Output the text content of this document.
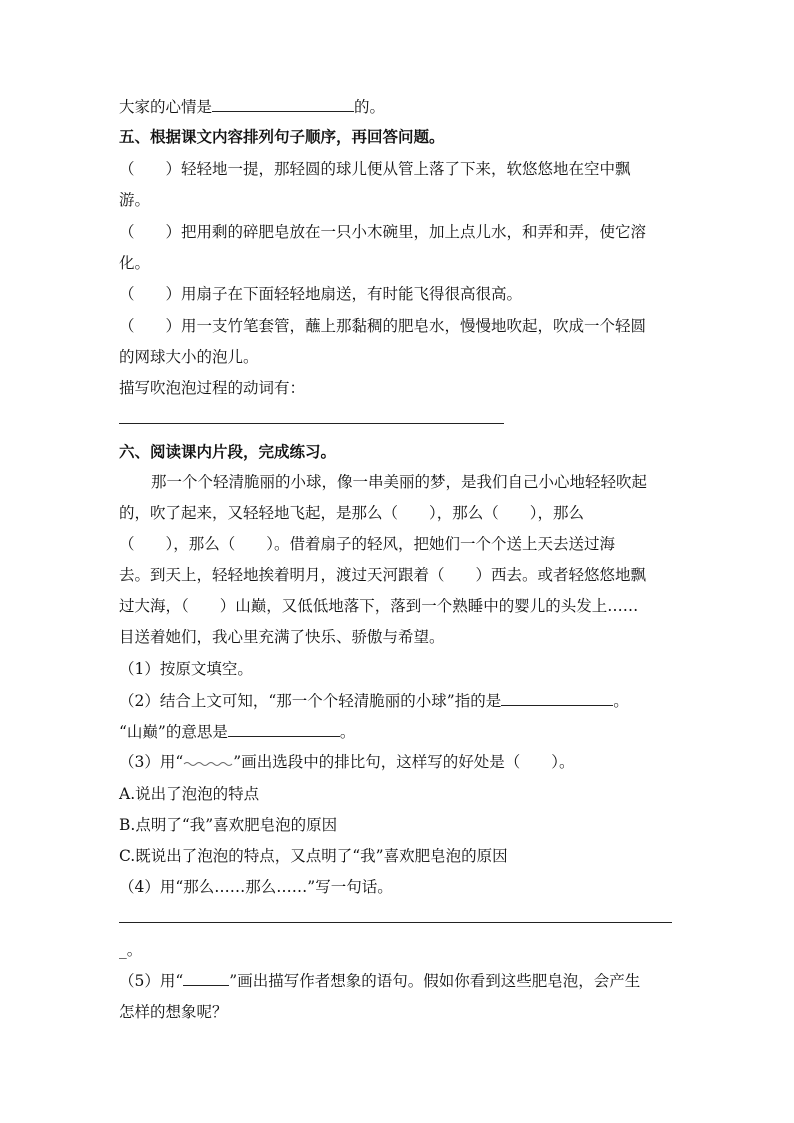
大家的心情是	的。
五、根据课文内容排列句子顺序，再回答问题。
（　　）轻轻地一提，那轻圆的球儿便从管上落了下来，软悠悠地在空中飘
游。
（　　）把用剩的碎肥皂放在一只小木碗里，加上点儿水，和弄和弄，使它溶
化。
（　　）用扇子在下面轻轻地扇送，有时能飞得很高很高。
（　　）用一支竹笔套管，蘸上那黏稠的肥皂水，慢慢地吹起，吹成一个轻圆
的网球大小的泡儿。
描写吹泡泡过程的动词有：
六、阅读课内片段，完成练习。
那一个个轻清脆丽的小球，像一串美丽的梦，是我们自己小心地轻轻吹起
的，吹了起来，又轻轻地飞起，是那么（　　），那么（　　），那么
（　　），那么（　　）。借着扇子的轻风，把她们一个个送上天去送过海
去。到天上，轻轻地挨着明月，渡过天河跟着（　　）西去。或者轻悠悠地飘
过大海，（　　）山巅，又低低地落下，落到一个熟睡中的婴儿的头发上……
目送着她们，我心里充满了快乐、骄傲与希望。
（1）按原文填空。
（2）结合上文可知，“那一个个轻清脆丽的小球”指的是	。
“山巅”的意思是	。
（3）用“	”画出选段中的排比句，这样写的好处是（　　）。
A.说出了泡泡的特点
B.点明了“我”喜欢肥皂泡的原因
C.既说出了泡泡的特点，又点明了“我”喜欢肥皂泡的原因
（4）用“那么……那么……”写一句话。
_。
（5）用“	”画出描写作者想象的语句。假如你看到这些肥皂泡，会产生
怎样的想象呢？
